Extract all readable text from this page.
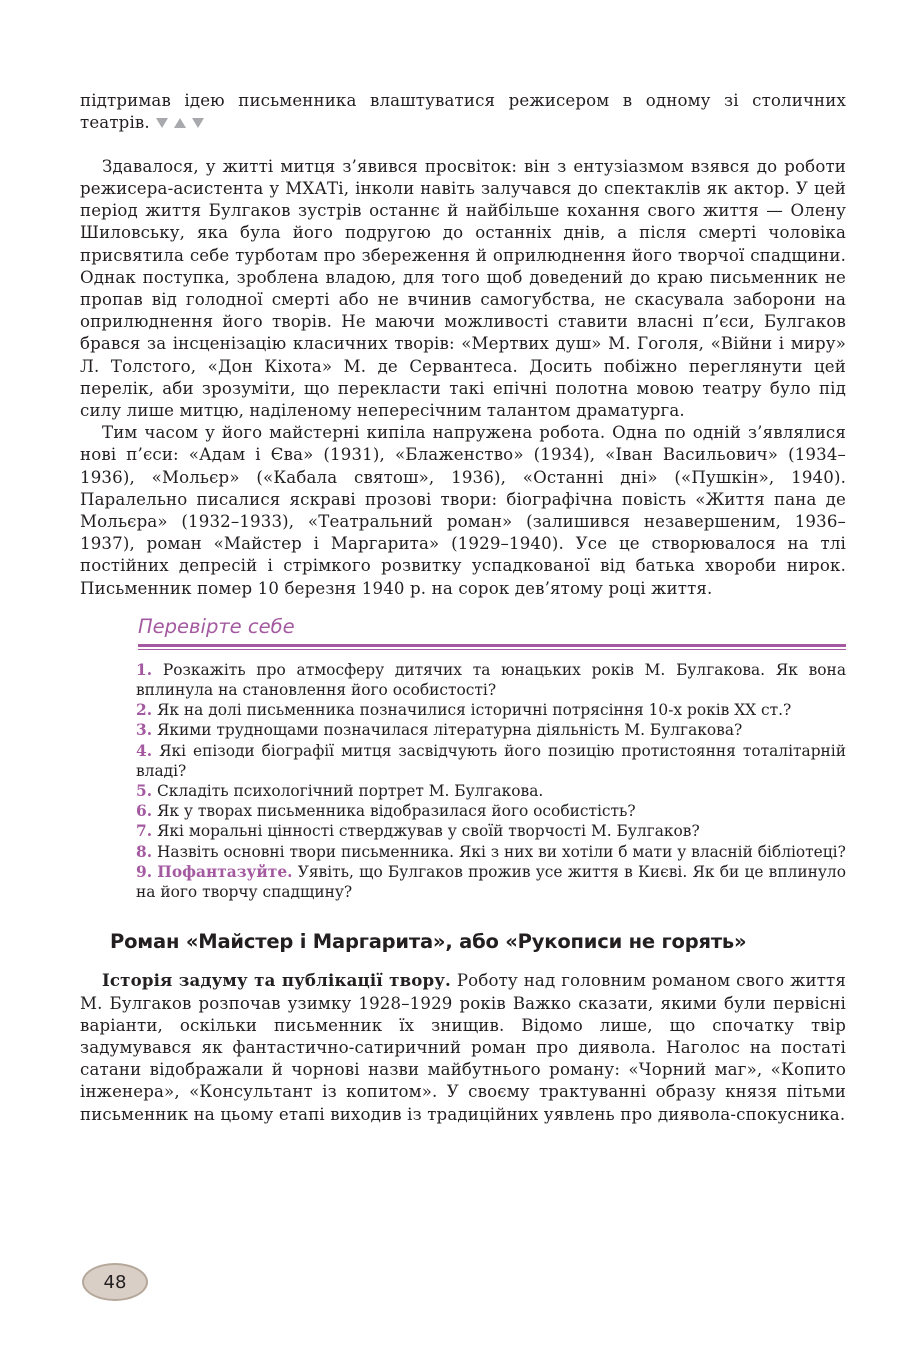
підтримав ідею письменника влаштуватися режисером в одному зі столичних театрів.

Здавалося, у житті митця з’явився просвіток: він з ентузіазмом взявся до роботи режисера-асистента у МХАТі, інколи навіть залучався до спектаклів як актор. У цей період життя Булгаков зустрів останнє й найбільше кохання свого життя — Олену Шиловську, яка була його подругою до останніх днів, а після смерті чоловіка присвятила себе турботам про збереження й оприлюднення його творчої спадщини. Однак поступка, зроблена владою, для того щоб доведений до краю письменник не пропав від голодної смерті або не вчинив самогубства, не скасувала заборони на оприлюднення його творів. Не маючи можливості ставити власні п’єси, Булгаков брався за інсценізацію класичних творів: «Мертвих душ» М. Гоголя, «Війни і миру» Л. Толстого, «Дон Кіхота» М. де Сервантеса. Досить побіжно переглянути цей перелік, аби зрозуміти, що перекласти такі епічні полотна мовою театру було під силу лише митцю, наділеному непересічним талантом драматурга.

Тим часом у його майстерні кипіла напружена робота. Одна по одній з’являлися нові п’єси: «Адам і Єва» (1931), «Блаженство» (1934), «Іван Васильович» (1934–1936), «Мольєр» («Кабала святош», 1936), «Останні дні» («Пушкін», 1940). Паралельно писалися яскраві прозові твори: біографічна повість «Життя пана де Мольєра» (1932–1933), «Театральний роман» (залишився незавершеним, 1936–1937), роман «Майстер і Маргарита» (1929–1940). Усе це створювалося на тлі постійних депресій і стрімкого розвитку успадкованої від батька хвороби нирок. Письменник помер 10 березня 1940 р. на сорок дев’ятому році життя.

Перевірте себе
1. Розкажіть про атмосферу дитячих та юнацьких років М. Булгакова. Як вона вплинула на становлення його особистості?
2. Як на долі письменника позначилися історичні потрясіння 10-х років ХХ ст.?
3. Якими труднощами позначилася літературна діяльність М. Булгакова?
4. Які епізоди біографії митця засвідчують його позицію протистояння тоталітарній владі?
5. Складіть психологічний портрет М. Булгакова.
6. Як у творах письменника відобразилася його особистість?
7. Які моральні цінності стверджував у своїй творчості М. Булгаков?
8. Назвіть основні твори письменника. Які з них ви хотіли б мати у власній бібліотеці?
9. Пофантазуйте. Уявіть, що Булгаков прожив усе життя в Києві. Як би це вплинуло на його творчу спадщину?
Роман «Майстер і Маргарита», або «Рукописи не горять»

Історія задуму та публікації твору. Роботу над головним романом свого життя М. Булгаков розпочав узимку 1928–1929 років Важко сказати, якими були первісні варіанти, оскільки письменник їх знищив. Відомо лише, що спочатку твір задумувався як фантастично-сатиричний роман про диявола. Наголос на постаті сатани відображали й чорнові назви майбутнього роману: «Чорний маг», «Копито інженера», «Консультант із копитом». У своєму трактуванні образу князя пітьми письменник на цьому етапі виходив із традиційних уявлень про диявола-спокусника.

48
